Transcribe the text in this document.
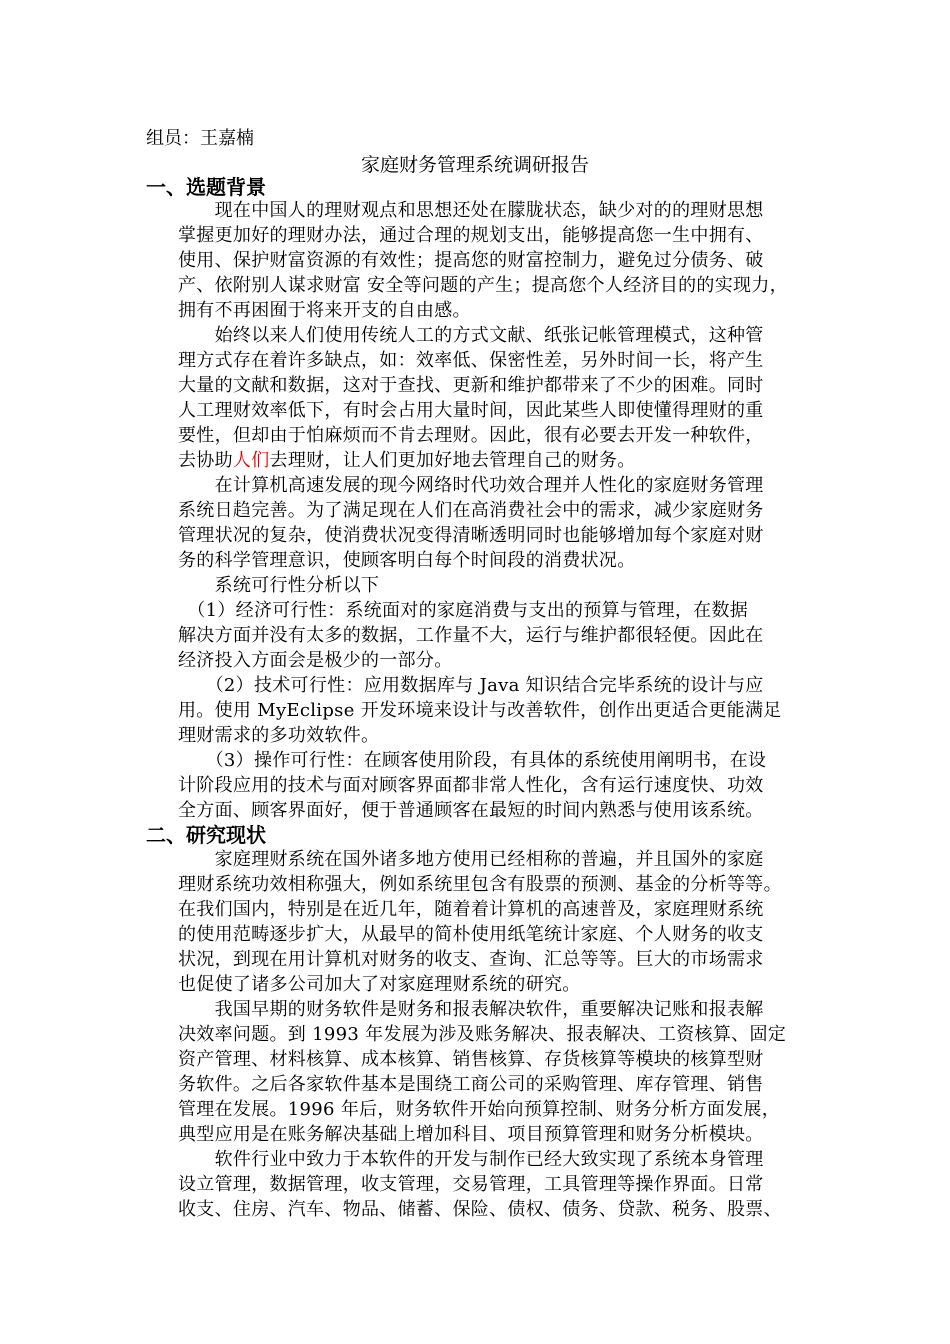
组员：王嘉楠
家庭财务管理系统调研报告
一、选题背景
　　现在中国人的理财观点和思想还处在朦胧状态，缺少对的的理财思想
掌握更加好的理财办法，通过合理的规划支出，能够提高您一生中拥有、
使用、保护财富资源的有效性；提高您的财富控制力，避免过分债务、破
产、依附别人谋求财富 安全等问题的产生；提高您个人经济目的的实现力，
拥有不再困囿于将来开支的自由感。
　　始终以来人们使用传统人工的方式文献、纸张记帐管理模式，这种管
理方式存在着许多缺点，如：效率低、保密性差，另外时间一长，将产生
大量的文献和数据，这对于查找、更新和维护都带来了不少的困难。同时
人工理财效率低下，有时会占用大量时间，因此某些人即使懂得理财的重
要性，但却由于怕麻烦而不肯去理财。因此，很有必要去开发一种软件，
去协助人们去理财，让人们更加好地去管理自己的财务。
　　在计算机高速发展的现今网络时代功效合理并人性化的家庭财务管理
系统日趋完善。为了满足现在人们在高消费社会中的需求，减少家庭财务
管理状况的复杂，使消费状况变得清晰透明同时也能够增加每个家庭对财
务的科学管理意识，使顾客明白每个时间段的消费状况。
　　系统可行性分析以下
　（1）经济可行性：系统面对的家庭消费与支出的预算与管理，在数据
解决方面并没有太多的数据，工作量不大，运行与维护都很轻便。因此在
经济投入方面会是极少的一部分。
　　（2）技术可行性：应用数据库与 Java 知识结合完毕系统的设计与应
用。使用 MyEclipse 开发环境来设计与改善软件，创作出更适合更能满足
理财需求的多功效软件。
　　（3）操作可行性：在顾客使用阶段，有具体的系统使用阐明书，在设
计阶段应用的技术与面对顾客界面都非常人性化，含有运行速度快、功效
全方面、顾客界面好，便于普通顾客在最短的时间内熟悉与使用该系统。
二、研究现状
　　家庭理财系统在国外诸多地方使用已经相称的普遍，并且国外的家庭
理财系统功效相称强大，例如系统里包含有股票的预测、基金的分析等等。
在我们国内，特别是在近几年，随着着计算机的高速普及，家庭理财系统
的使用范畴逐步扩大，从最早的简朴使用纸笔统计家庭、个人财务的收支
状况，到现在用计算机对财务的收支、查询、汇总等等。巨大的市场需求
也促使了诸多公司加大了对家庭理财系统的研究。
　　我国早期的财务软件是财务和报表解决软件，重要解决记账和报表解
决效率问题。到 1993 年发展为涉及账务解决、报表解决、工资核算、固定
资产管理、材料核算、成本核算、销售核算、存货核算等模块的核算型财
务软件。之后各家软件基本是围绕工商公司的采购管理、库存管理、销售
管理在发展。1996 年后，财务软件开始向预算控制、财务分析方面发展，
典型应用是在账务解决基础上增加科目、项目预算管理和财务分析模块。
　　软件行业中致力于本软件的开发与制作已经大致实现了系统本身管理
设立管理，数据管理，收支管理，交易管理，工具管理等操作界面。日常
收支、住房、汽车、物品、储蓄、保险、债权、债务、贷款、税务、股票、
